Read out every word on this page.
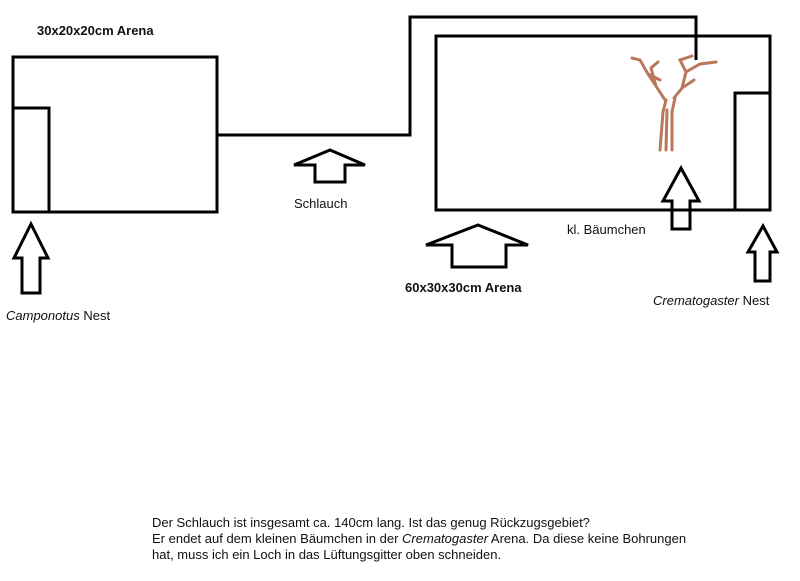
30x20x20cm Arena
Schlauch
60x30x30cm Arena
kl. Bäumchen
Camponotus Nest
Crematogaster Nest
Der Schlauch ist insgesamt ca. 140cm lang. Ist das genug Rückzugsgebiet?
Er endet auf dem kleinen Bäumchen in der Crematogaster Arena. Da diese keine Bohrungen
hat, muss ich ein Loch in das Lüftungsgitter oben schneiden.
